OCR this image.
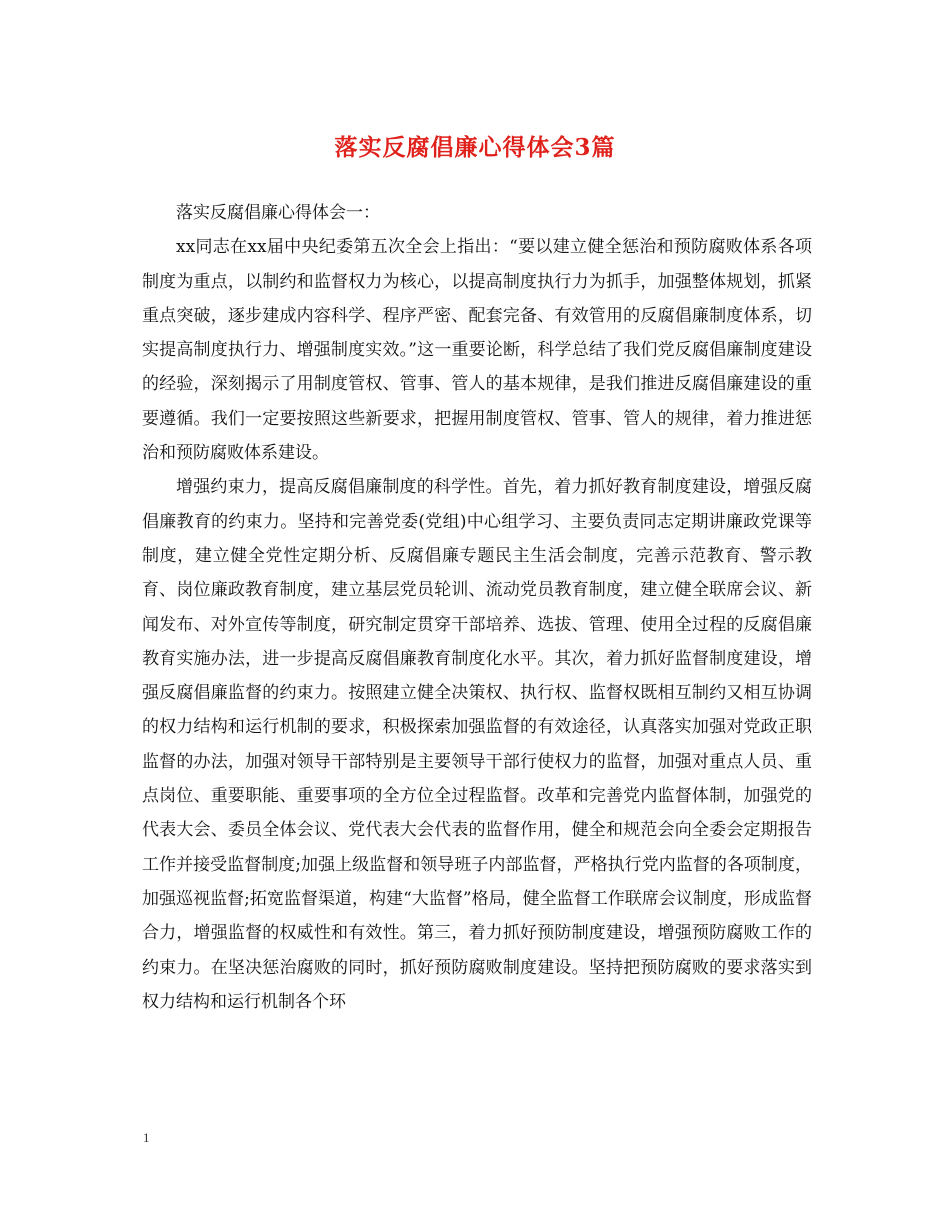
落实反腐倡廉心得体会3篇

落实反腐倡廉心得体会一：

xx同志在xx届中央纪委第五次全会上指出：“要以建立健全惩治和预防腐败体系各项制度为重点，以制约和监督权力为核心，以提高制度执行力为抓手，加强整体规划，抓紧重点突破，逐步建成内容科学、程序严密、配套完备、有效管用的反腐倡廉制度体系，切实提高制度执行力、增强制度实效。”这一重要论断，科学总结了我们党反腐倡廉制度建设的经验，深刻揭示了用制度管权、管事、管人的基本规律，是我们推进反腐倡廉建设的重要遵循。我们一定要按照这些新要求，把握用制度管权、管事、管人的规律，着力推进惩治和预防腐败体系建设。

增强约束力，提高反腐倡廉制度的科学性。首先，着力抓好教育制度建设，增强反腐倡廉教育的约束力。坚持和完善党委(党组)中心组学习、主要负责同志定期讲廉政党课等制度，建立健全党性定期分析、反腐倡廉专题民主生活会制度，完善示范教育、警示教育、岗位廉政教育制度，建立基层党员轮训、流动党员教育制度，建立健全联席会议、新闻发布、对外宣传等制度，研究制定贯穿干部培养、选拔、管理、使用全过程的反腐倡廉教育实施办法，进一步提高反腐倡廉教育制度化水平。其次，着力抓好监督制度建设，增强反腐倡廉监督的约束力。按照建立健全决策权、执行权、监督权既相互制约又相互协调的权力结构和运行机制的要求，积极探索加强监督的有效途径，认真落实加强对党政正职监督的办法，加强对领导干部特别是主要领导干部行使权力的监督，加强对重点人员、重点岗位、重要职能、重要事项的全方位全过程监督。改革和完善党内监督体制，加强党的代表大会、委员全体会议、党代表大会代表的监督作用，健全和规范会向全委会定期报告工作并接受监督制度;加强上级监督和领导班子内部监督，严格执行党内监督的各项制度，加强巡视监督;拓宽监督渠道，构建“大监督”格局，健全监督工作联席会议制度，形成监督合力，增强监督的权威性和有效性。第三，着力抓好预防制度建设，增强预防腐败工作的约束力。在坚决惩治腐败的同时，抓好预防腐败制度建设。坚持把预防腐败的要求落实到权力结构和运行机制各个环

1
